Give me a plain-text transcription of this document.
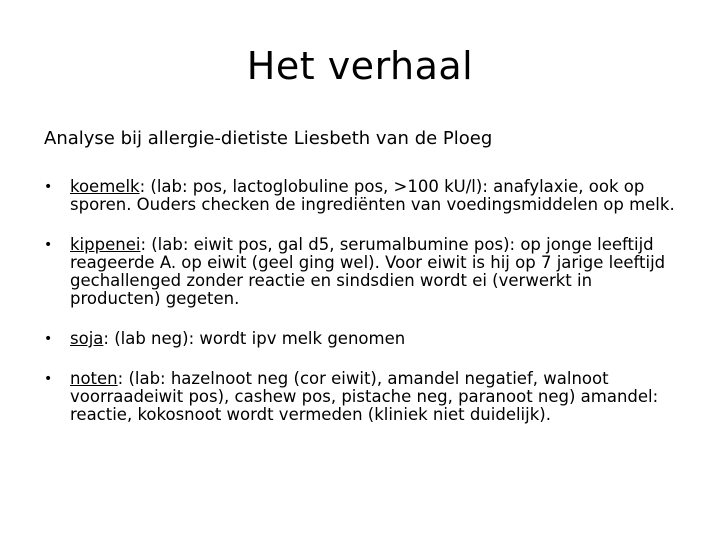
Het verhaal
Analyse bij allergie-dietiste Liesbeth van de Ploeg
•	koemelk: (lab: pos, lactoglobuline pos, >100 kU/l): anafylaxie, ook op sporen. Ouders checken de ingrediënten van voedingsmiddelen op melk.
•	kippenei: (lab: eiwit pos, gal d5, serumalbumine pos): op jonge leeftijd reageerde A. op eiwit (geel ging wel). Voor eiwit is hij op 7 jarige leeftijd gechallenged zonder reactie en sindsdien wordt ei (verwerkt in producten) gegeten.
•	soja: (lab neg): wordt ipv melk genomen
•	noten: (lab: hazelnoot neg (cor eiwit), amandel negatief, walnoot voorraadeiwit pos), cashew pos, pistache neg, paranoot neg) amandel: reactie, kokosnoot wordt vermeden (kliniek niet duidelijk).
